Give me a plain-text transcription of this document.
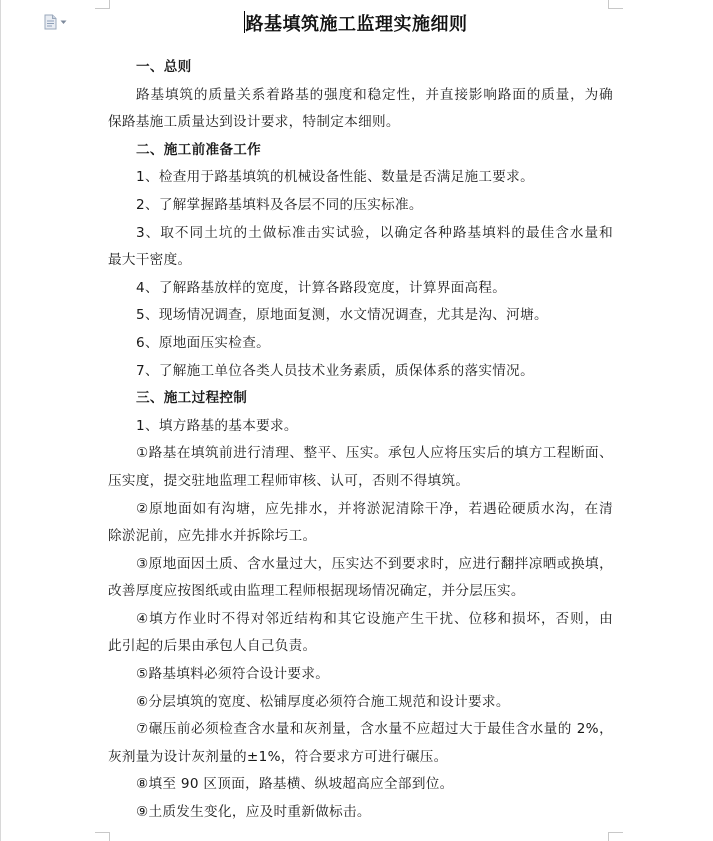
路基填筑施工监理实施细则
一、总则
路基填筑的质量关系着路基的强度和稳定性，并直接影响路面的质量，为确
保路基施工质量达到设计要求，特制定本细则。
二、施工前准备工作
1、检查用于路基填筑的机械设备性能、数量是否满足施工要求。
2、了解掌握路基填料及各层不同的压实标准。
3、取不同土坑的土做标准击实试验，以确定各种路基填料的最佳含水量和
最大干密度。
4、了解路基放样的宽度，计算各路段宽度，计算界面高程。
5、现场情况调查，原地面复测，水文情况调查，尤其是沟、河塘。
6、原地面压实检查。
7、了解施工单位各类人员技术业务素质，质保体系的落实情况。
三、施工过程控制
1、填方路基的基本要求。
①路基在填筑前进行清理、整平、压实。承包人应将压实后的填方工程断面、
压实度，提交驻地监理工程师审核、认可，否则不得填筑。
②原地面如有沟塘，应先排水，并将淤泥清除干净，若遇砼硬质水沟，在清
除淤泥前，应先排水并拆除圬工。
③原地面因土质、含水量过大，压实达不到要求时，应进行翻拌凉晒或换填，
改善厚度应按图纸或由监理工程师根据现场情况确定，并分层压实。
④填方作业时不得对邻近结构和其它设施产生干扰、位移和损坏，否则，由
此引起的后果由承包人自己负责。
⑤路基填料必须符合设计要求。
⑥分层填筑的宽度、松铺厚度必须符合施工规范和设计要求。
⑦碾压前必须检查含水量和灰剂量，含水量不应超过大于最佳含水量的 2%，
灰剂量为设计灰剂量的±1%，符合要求方可进行碾压。
⑧填至 90 区顶面，路基横、纵坡超高应全部到位。
⑨土质发生变化，应及时重新做标击。
